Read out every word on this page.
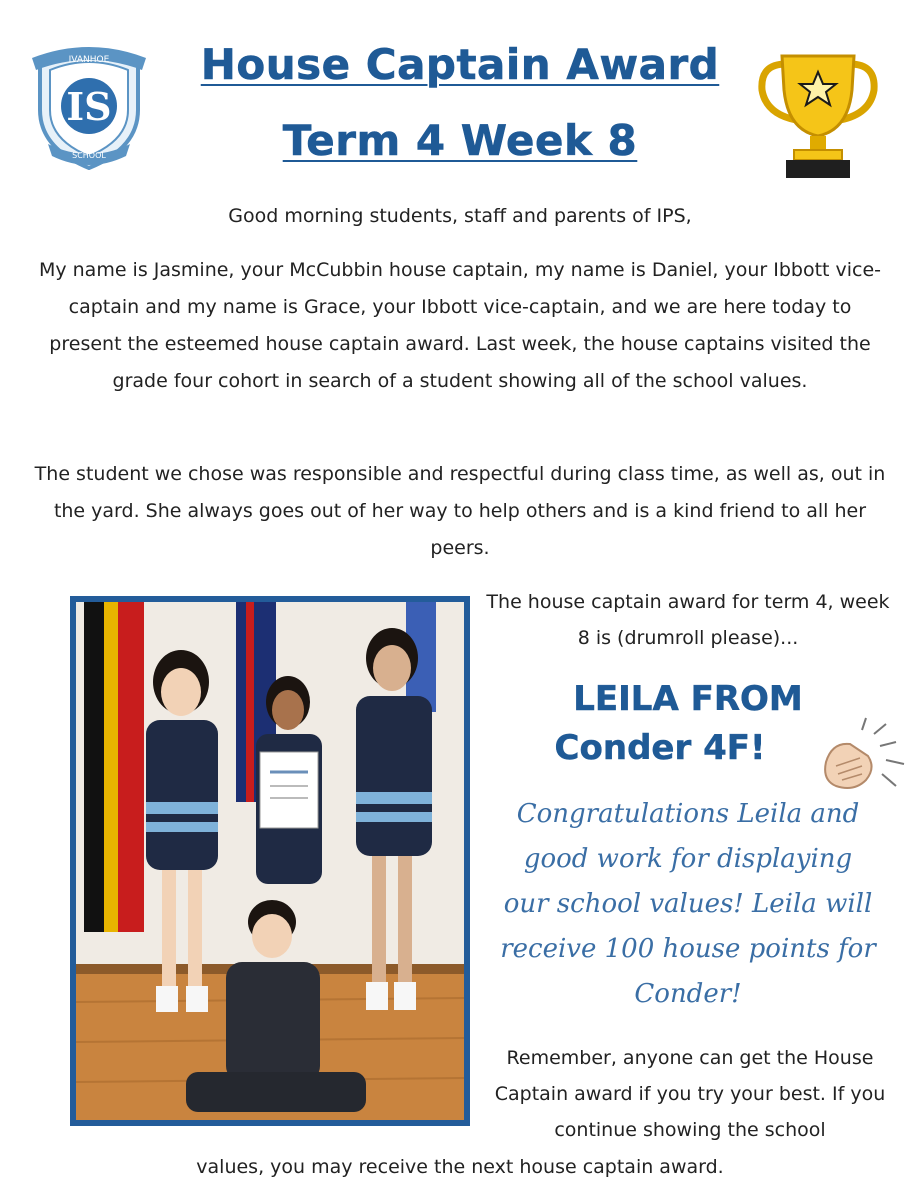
IVANHOE
IS
SCHOOL
House Captain Award
Term 4 Week 8

Good morning students, staff and parents of IPS,

My name is Jasmine, your McCubbin house captain, my name is Daniel, your Ibbott vice-captain and my name is Grace, your Ibbott vice-captain, and we are here today to present the esteemed house captain award. Last week, the house captains visited the grade four cohort in search of a student showing all of the school values.

The student we chose was responsible and respectful during class time, as well as, out in the yard. She always goes out of her way to help others and is a kind friend to all her peers.

The house captain award for term 4, week 8 is (drumroll please)...

LEILA FROM

Conder 4F!

Congratulations Leila and good work for displaying our school values! Leila will receive 100 house points for Conder!

Remember, anyone can get the House Captain award if you try your best. If you continue showing the school

values, you may receive the next house captain award.
